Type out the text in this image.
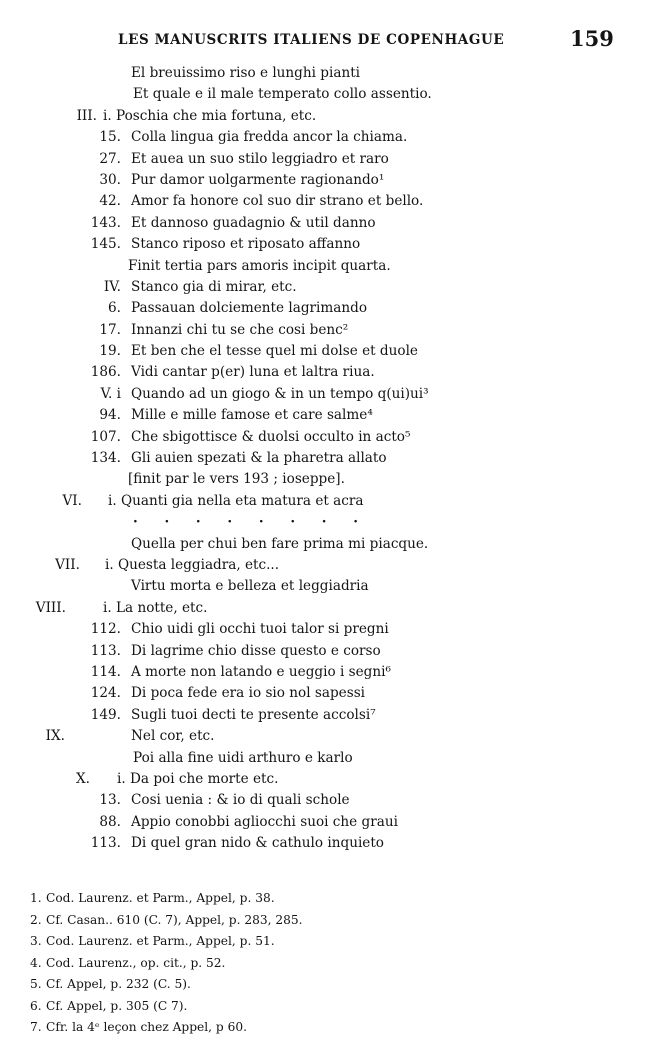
LES MANUSCRITS ITALIENS DE COPENHAGUE	159
El breuissimo riso e lunghi pianti
Et quale e il male temperato collo assentio.
III. i. Poschia che mia fortuna, etc.
15. Colla lingua gia fredda ancor la chiama.
27. Et auea un suo stilo leggiadro et raro
30. Pur damor uolgarmente ragionando¹
42. Amor fa honore col suo dir strano et bello.
143. Et dannoso guadagnio & util danno
145. Stanco riposo et riposato affanno
Finit tertia pars amoris incipit quarta.
IV. Stanco gia di mirar, etc.
6. Passauan dolciemente lagrimando
17. Innanzi chi tu se che cosi benc²
19. Et ben che el tesse quel mi dolse et duole
186. Vidi cantar p(er) luna et laltra riua.
V. i Quando ad un giogo & in un tempo q(ui)ui³
94. Mille e mille famose et care salme⁴
107. Che sbigottisce & duolsi occulto in acto⁵
134. Gli auien spezati & la pharetra allato
[finit par le vers 193 ; ioseppe].
VI. i. Quanti gia nella eta matura et acra
· · · · · · · ·
Quella per chui ben fare prima mi piacque.
VII. i. Questa leggiadra, etc...
Virtu morta e belleza et leggiadria
VIII.	i. La notte, etc.
112. Chio uidi gli occhi tuoi talor si pregni
113. Di lagrime chio disse questo e corso
114. A morte non latando e ueggio i segni⁶
124. Di poca fede era io sio nol sapessi
149. Sugli tuoi decti te presente accolsi⁷
IX.	Nel cor, etc.
Poi alla fine uidi arthuro e karlo
X. i. Da poi che morte etc.
13. Cosi uenia : & io di quali schole
88. Appio conobbi agliocchi suoi che graui
113. Di quel gran nido & cathulo inquieto
1. Cod. Laurenz. et Parm., Appel, p. 38.
2. Cf. Casan.. 610 (C. 7), Appel, p. 283, 285.
3. Cod. Laurenz. et Parm., Appel, p. 51.
4. Cod. Laurenz., op. cit., p. 52.
5. Cf. Appel, p. 232 (C. 5).
6. Cf. Appel, p. 305 (C 7).
7. Cfr. la 4ᵉ leçon chez Appel, p 60.
